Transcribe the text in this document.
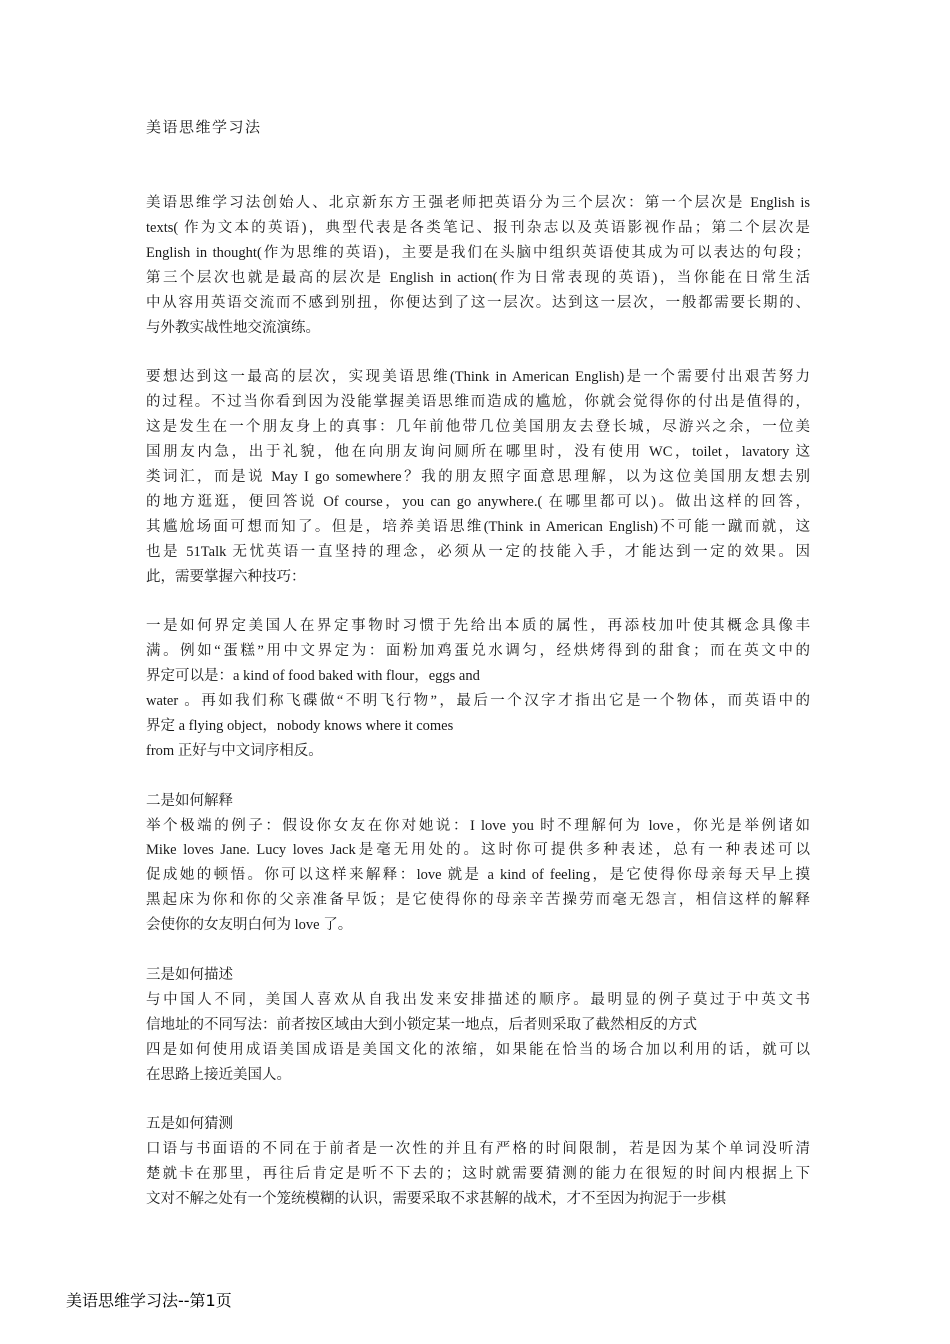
美语思维学习法
美语思维学习法创始人、北京新东方王强老师把英语分为三个层次：第一个层次是 English is
texts( 作为文本的英语)，典型代表是各类笔记、报刊杂志以及英语影视作品；第二个层次是
English in thought(作为思维的英语)，主要是我们在头脑中组织英语使其成为可以表达的句段；
第三个层次也就是最高的层次是 English in action(作为日常表现的英语)，当你能在日常生活
中从容用英语交流而不感到别扭，你便达到了这一层次。达到这一层次，一般都需要长期的、
与外教实战性地交流演练。
要想达到这一最高的层次，实现美语思维(Think in American English)是一个需要付出艰苦努力
的过程。不过当你看到因为没能掌握美语思维而造成的尴尬，你就会觉得你的付出是值得的，
这是发生在一个朋友身上的真事：几年前他带几位美国朋友去登长城，尽游兴之余，一位美
国朋友内急，出于礼貌，他在向朋友询问厕所在哪里时，没有使用 WC，toilet，lavatory 这
类词汇，而是说 May I go somewhere？我的朋友照字面意思理解，以为这位美国朋友想去别
的地方逛逛，便回答说 Of course，you can go anywhere.( 在哪里都可以)。做出这样的回答，
其尴尬场面可想而知了。但是，培养美语思维(Think in American English)不可能一蹴而就，这
也是 51Talk 无忧英语一直坚持的理念，必须从一定的技能入手，才能达到一定的效果。因
此，需要掌握六种技巧：
一是如何界定美国人在界定事物时习惯于先给出本质的属性，再添枝加叶使其概念具像丰
满。例如“蛋糕”用中文界定为：面粉加鸡蛋兑水调匀，经烘烤得到的甜食；而在英文中的
界定可以是：a kind of food baked with flour，eggs and
water 。再如我们称飞碟做“不明飞行物”，最后一个汉字才指出它是一个物体，而英语中的
界定 a flying object，nobody knows where it comes
from 正好与中文词序相反。
二是如何解释
举个极端的例子：假设你女友在你对她说：I love you 时不理解何为 love，你光是举例诸如
Mike loves Jane. Lucy loves Jack是毫无用处的。这时你可提供多种表述，总有一种表述可以
促成她的顿悟。你可以这样来解释：love 就是 a kind of feeling，是它使得你母亲每天早上摸
黑起床为你和你的父亲准备早饭；是它使得你的母亲辛苦操劳而毫无怨言，相信这样的解释
会使你的女友明白何为 love 了。
三是如何描述
与中国人不同，美国人喜欢从自我出发来安排描述的顺序。最明显的例子莫过于中英文书
信地址的不同写法：前者按区域由大到小锁定某一地点，后者则采取了截然相反的方式
四是如何使用成语美国成语是美国文化的浓缩，如果能在恰当的场合加以利用的话，就可以
在思路上接近美国人。
五是如何猜测
口语与书面语的不同在于前者是一次性的并且有严格的时间限制，若是因为某个单词没听清
楚就卡在那里，再往后肯定是听不下去的；这时就需要猜测的能力在很短的时间内根据上下
文对不解之处有一个笼统模糊的认识，需要采取不求甚解的战术，才不至因为拘泥于一步棋
美语思维学习法--第1页
